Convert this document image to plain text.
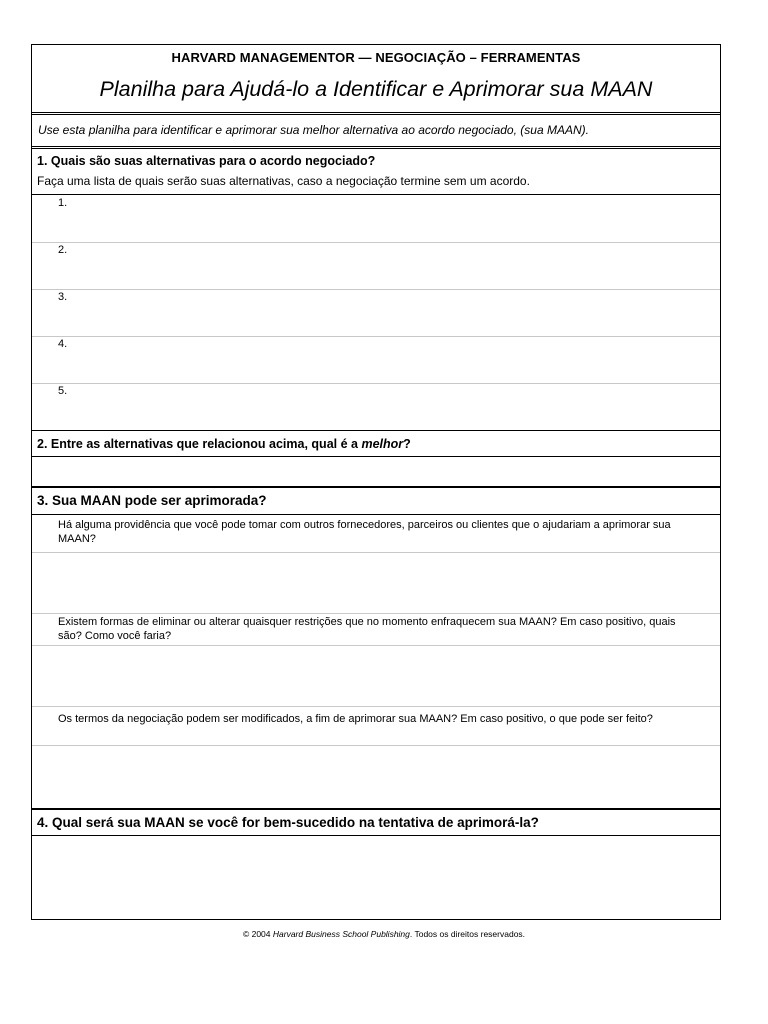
HARVARD MANAGEMENTOR — NEGOCIAÇÃO – FERRAMENTAS
Planilha para Ajudá-lo a Identificar e Aprimorar sua MAAN
Use esta planilha para identificar e aprimorar sua melhor alternativa ao acordo negociado, (sua MAAN).
1. Quais são suas alternativas para o acordo negociado?
Faça uma lista de quais serão suas alternativas, caso a negociação termine sem um acordo.
1.
2.
3.
4.
5.
2. Entre as alternativas que relacionou acima, qual é a melhor?
3. Sua MAAN pode ser aprimorada?
Há alguma providência que você pode tomar com outros fornecedores, parceiros ou clientes que o ajudariam a aprimorar sua MAAN?
Existem formas de eliminar ou alterar quaisquer restrições que no momento enfraquecem sua MAAN? Em caso positivo, quais são? Como você faria?
Os termos da negociação podem ser modificados, a fim de aprimorar sua MAAN? Em caso positivo, o que pode ser feito?
4. Qual será sua MAAN se você for bem-sucedido na tentativa de aprimorá-la?
© 2004 Harvard Business School Publishing. Todos os direitos reservados.
